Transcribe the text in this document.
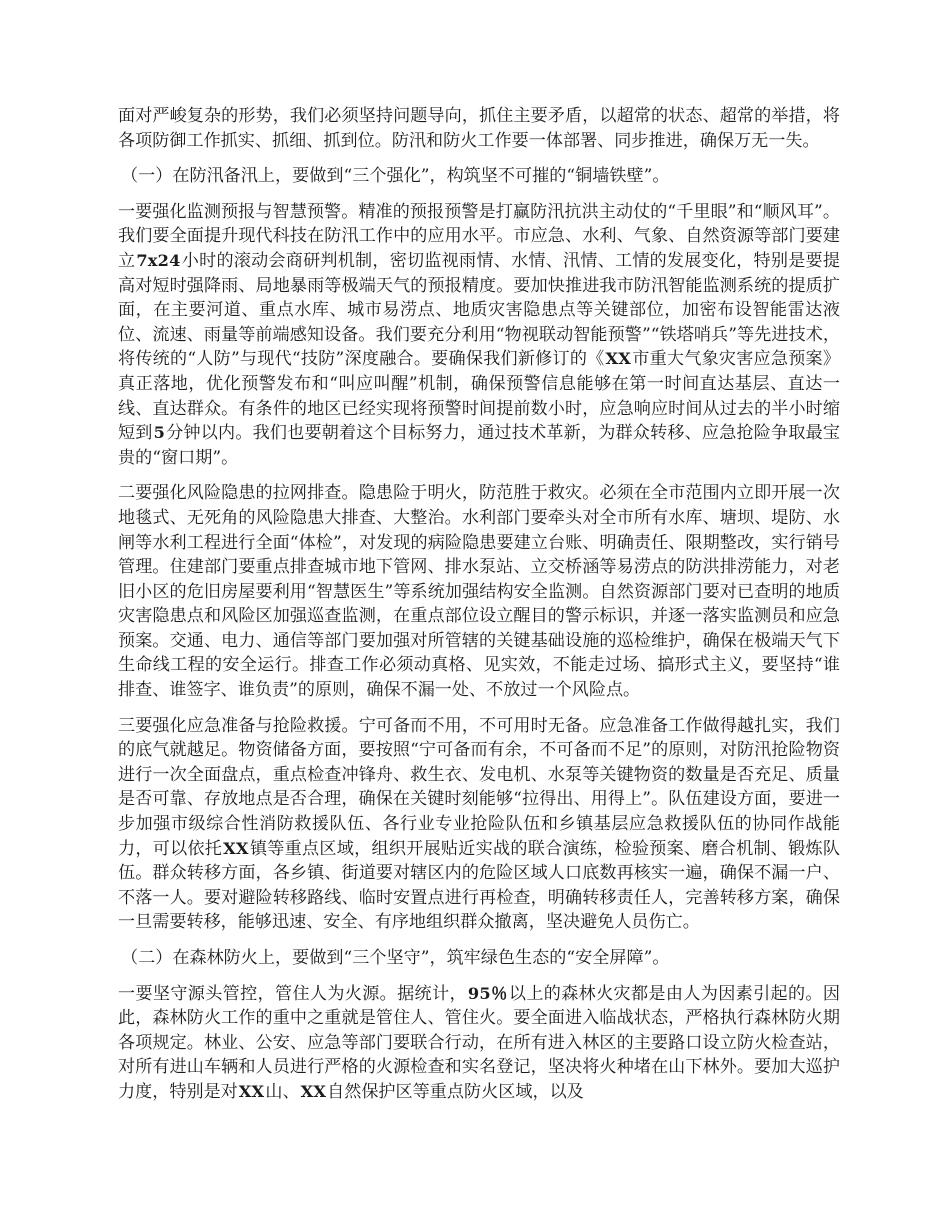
面对严峻复杂的形势，我们必须坚持问题导向，抓住主要矛盾，以超常的状态、超常的举措，将各项防御工作抓实、抓细、抓到位。防汛和防火工作要一体部署、同步推进，确保万无一失。

（一）在防汛备汛上，要做到“三个强化”，构筑坚不可摧的“铜墙铁壁”。

一要强化监测预报与智慧预警。精准的预报预警是打赢防汛抗洪主动仗的“千里眼”和“顺风耳”。我们要全面提升现代科技在防汛工作中的应用水平。市应急、水利、气象、自然资源等部门要建立7x24小时的滚动会商研判机制，密切监视雨情、水情、汛情、工情的发展变化，特别是要提高对短时强降雨、局地暴雨等极端天气的预报精度。要加快推进我市防汛智能监测系统的提质扩面，在主要河道、重点水库、城市易涝点、地质灾害隐患点等关键部位，加密布设智能雷达液位、流速、雨量等前端感知设备。我们要充分利用“物视联动智能预警”“铁塔哨兵”等先进技术，将传统的“人防”与现代“技防”深度融合。要确保我们新修订的《XX市重大气象灾害应急预案》真正落地，优化预警发布和“叫应叫醒”机制，确保预警信息能够在第一时间直达基层、直达一线、直达群众。有条件的地区已经实现将预警时间提前数小时，应急响应时间从过去的半小时缩短到5分钟以内。我们也要朝着这个目标努力，通过技术革新，为群众转移、应急抢险争取最宝贵的“窗口期”。

二要强化风险隐患的拉网排查。隐患险于明火，防范胜于救灾。必须在全市范围内立即开展一次地毯式、无死角的风险隐患大排查、大整治。水利部门要牵头对全市所有水库、塘坝、堤防、水闸等水利工程进行全面“体检”，对发现的病险隐患要建立台账、明确责任、限期整改，实行销号管理。住建部门要重点排查城市地下管网、排水泵站、立交桥涵等易涝点的防洪排涝能力，对老旧小区的危旧房屋要利用“智慧医生”等系统加强结构安全监测。自然资源部门要对已查明的地质灾害隐患点和风险区加强巡查监测，在重点部位设立醒目的警示标识，并逐一落实监测员和应急预案。交通、电力、通信等部门要加强对所管辖的关键基础设施的巡检维护，确保在极端天气下生命线工程的安全运行。排查工作必须动真格、见实效，不能走过场、搞形式主义，要坚持“谁排查、谁签字、谁负责”的原则，确保不漏一处、不放过一个风险点。

三要强化应急准备与抢险救援。宁可备而不用，不可用时无备。应急准备工作做得越扎实，我们的底气就越足。物资储备方面，要按照“宁可备而有余，不可备而不足”的原则，对防汛抢险物资进行一次全面盘点，重点检查冲锋舟、救生衣、发电机、水泵等关键物资的数量是否充足、质量是否可靠、存放地点是否合理，确保在关键时刻能够“拉得出、用得上”。队伍建设方面，要进一步加强市级综合性消防救援队伍、各行业专业抢险队伍和乡镇基层应急救援队伍的协同作战能力，可以依托XX镇等重点区域，组织开展贴近实战的联合演练，检验预案、磨合机制、锻炼队伍。群众转移方面，各乡镇、街道要对辖区内的危险区域人口底数再核实一遍，确保不漏一户、不落一人。要对避险转移路线、临时安置点进行再检查，明确转移责任人，完善转移方案，确保一旦需要转移，能够迅速、安全、有序地组织群众撤离，坚决避免人员伤亡。

（二）在森林防火上，要做到“三个坚守”，筑牢绿色生态的“安全屏障”。

一要坚守源头管控，管住人为火源。据统计，95％以上的森林火灾都是由人为因素引起的。因此，森林防火工作的重中之重就是管住人、管住火。要全面进入临战状态，严格执行森林防火期各项规定。林业、公安、应急等部门要联合行动，在所有进入林区的主要路口设立防火检查站，对所有进山车辆和人员进行严格的火源检查和实名登记，坚决将火种堵在山下林外。要加大巡护力度，特别是对XX山、XX自然保护区等重点防火区域，以及
